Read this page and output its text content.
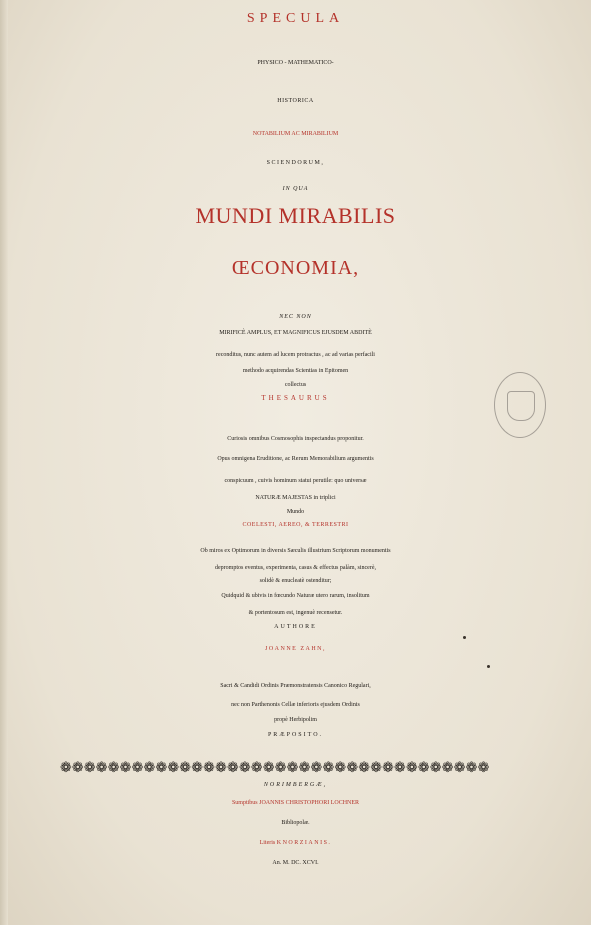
SPECULA
PHYSICO - MATHEMATICO-
HISTORICA
NOTABILIUM AC MIRABILIUM
SCIENDORUM,
IN QUA
MUNDI MIRABILIS
ŒCONOMIA,
NEC NON
MIRIFICÈ AMPLUS, ET MAGNIFICUS EJUSDEM ABDITÈ
reconditus, nunc autem ad lucem protractus , ac ad varias perfacili
methodo acquirendas Scientias in Epitomen
collectus
THESAURUS
Curiosis omnibus Cosmosophis inspectandus proponitur.
Opus omnigena Eruditione, ac Rerum Memorabilium argumentis
conspicuum , cuivis hominum statui perutile: quo universæ
NATURÆ MAJESTAS in triplici
Mundo
COELESTI, AEREO, & TERRESTRI
Ob miros ex Optimorum in diversis Sæculis illustrium Scriptorum monumentis
depromptos eventus, experimenta, casus & effectus palàm, sincerè,
solidè & enucleatè ostenditur;
Quidquid & ubivis in fœcundo Naturæ utero rarum, insolitum
& portentosum est, ingenuè recensetur.
AUTHORE
JOANNE ZAHN,
Sacri & Candidi Ordinis Præmonstratensis Canonico Regulari,
nec non Parthenonis Cellæ inferioris ejusdem Ordinis
propè Herbipolim
PRÆPOSITO.
❁❁❁❁❁❁❁❁❁❁❁❁❁❁❁❁❁❁❁❁❁❁❁❁❁❁❁❁❁❁❁❁❁❁❁❁
NORIMBERGÆ,
Sumptibus JOANNIS CHRISTOPHORI LOCHNER
Bibliopolæ.
Literis KNORZIANIS.
An. M. DC. XCVI.
